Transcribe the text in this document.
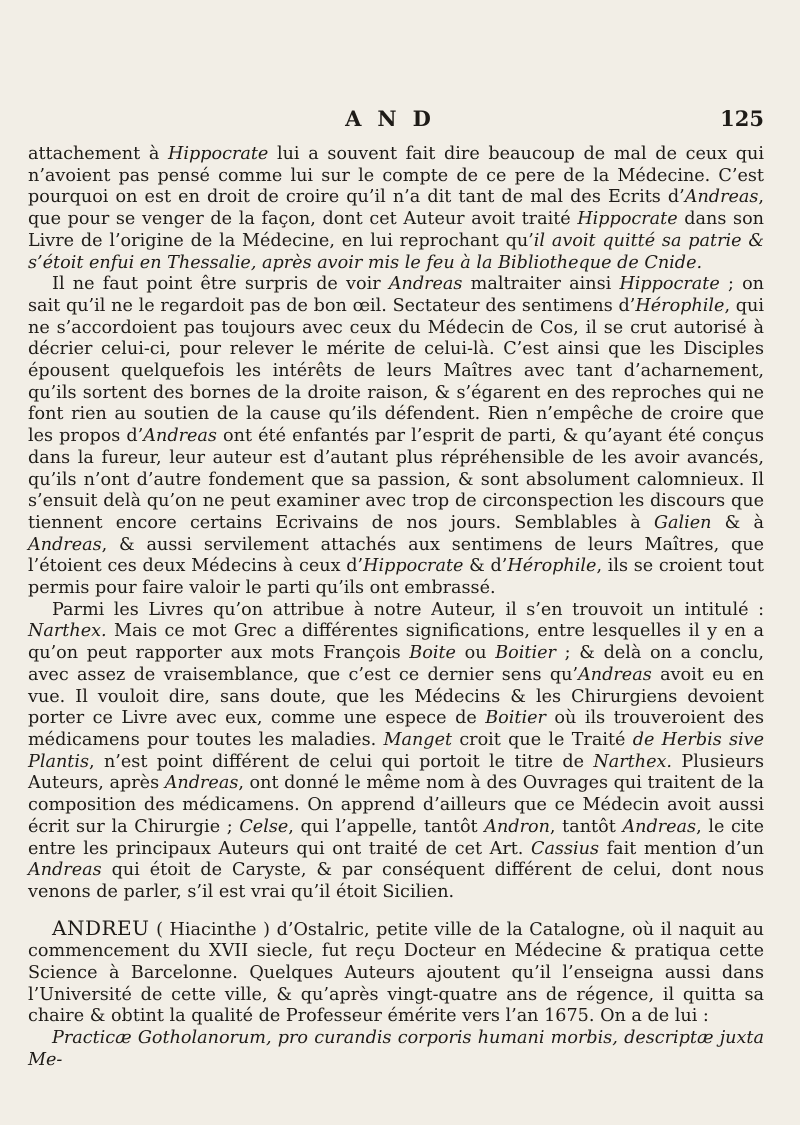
AND	125

attachement à Hippocrate lui a souvent fait dire beaucoup de mal de ceux qui n’avoient pas pensé comme lui sur le compte de ce pere de la Médecine. C’est pourquoi on est en droit de croire qu’il n’a dit tant de mal des Ecrits d’Andreas, que pour se venger de la façon, dont cet Auteur avoit traité Hippocrate dans son Livre de l’origine de la Médecine, en lui reprochant qu’il avoit quitté sa patrie & s’étoit enfui en Thessalie, après avoir mis le feu à la Bibliotheque de Cnide.

Il ne faut point être surpris de voir Andreas maltraiter ainsi Hippocrate ; on sait qu’il ne le regardoit pas de bon œil. Sectateur des sentimens d’Hérophile, qui ne s’accordoient pas toujours avec ceux du Médecin de Cos, il se crut autorisé à décrier celui-ci, pour relever le mérite de celui-là. C’est ainsi que les Disciples épousent quelquefois les intérêts de leurs Maîtres avec tant d’acharnement, qu’ils sortent des bornes de la droite raison, & s’égarent en des reproches qui ne font rien au soutien de la cause qu’ils défendent. Rien n’empêche de croire que les propos d’Andreas ont été enfantés par l’esprit de parti, & qu’ayant été conçus dans la fureur, leur auteur est d’autant plus répréhensible de les avoir avancés, qu’ils n’ont d’autre fondement que sa passion, & sont absolument calomnieux. Il s’ensuit delà qu’on ne peut examiner avec trop de circonspection les discours que tiennent encore certains Ecrivains de nos jours. Semblables à Galien & à Andreas, & aussi servilement attachés aux sentimens de leurs Maîtres, que l’étoient ces deux Médecins à ceux d’Hippocrate & d’Hérophile, ils se croient tout permis pour faire valoir le parti qu’ils ont embrassé.

Parmi les Livres qu’on attribue à notre Auteur, il s’en trouvoit un intitulé : Narthex. Mais ce mot Grec a différentes significations, entre lesquelles il y en a qu’on peut rapporter aux mots François Boite ou Boitier ; & delà on a conclu, avec assez de vraisemblance, que c’est ce dernier sens qu’Andreas avoit eu en vue. Il vouloit dire, sans doute, que les Médecins & les Chirurgiens devoient porter ce Livre avec eux, comme une espece de Boitier où ils trouveroient des médicamens pour toutes les maladies. Manget croit que le Traité de Herbis sive Plantis, n’est point différent de celui qui portoit le titre de Narthex. Plusieurs Auteurs, après Andreas, ont donné le même nom à des Ouvrages qui traitent de la composition des médicamens. On apprend d’ailleurs que ce Médecin avoit aussi écrit sur la Chirurgie ; Celse, qui l’appelle, tantôt Andron, tantôt Andreas, le cite entre les principaux Auteurs qui ont traité de cet Art. Cassius fait mention d’un Andreas qui étoit de Caryste, & par conséquent différent de celui, dont nous venons de parler, s’il est vrai qu’il étoit Sicilien.

ANDREU ( Hiacinthe ) d’Ostalric, petite ville de la Catalogne, où il naquit au commencement du XVII siecle, fut reçu Docteur en Médecine & pratiqua cette Science à Barcelonne. Quelques Auteurs ajoutent qu’il l’enseigna aussi dans l’Université de cette ville, & qu’après vingt-quatre ans de régence, il quitta sa chaire & obtint la qualité de Professeur émérite vers l’an 1675. On a de lui :

Practicæ Gotholanorum, pro curandis corporis humani morbis, descriptæ juxta Me-
